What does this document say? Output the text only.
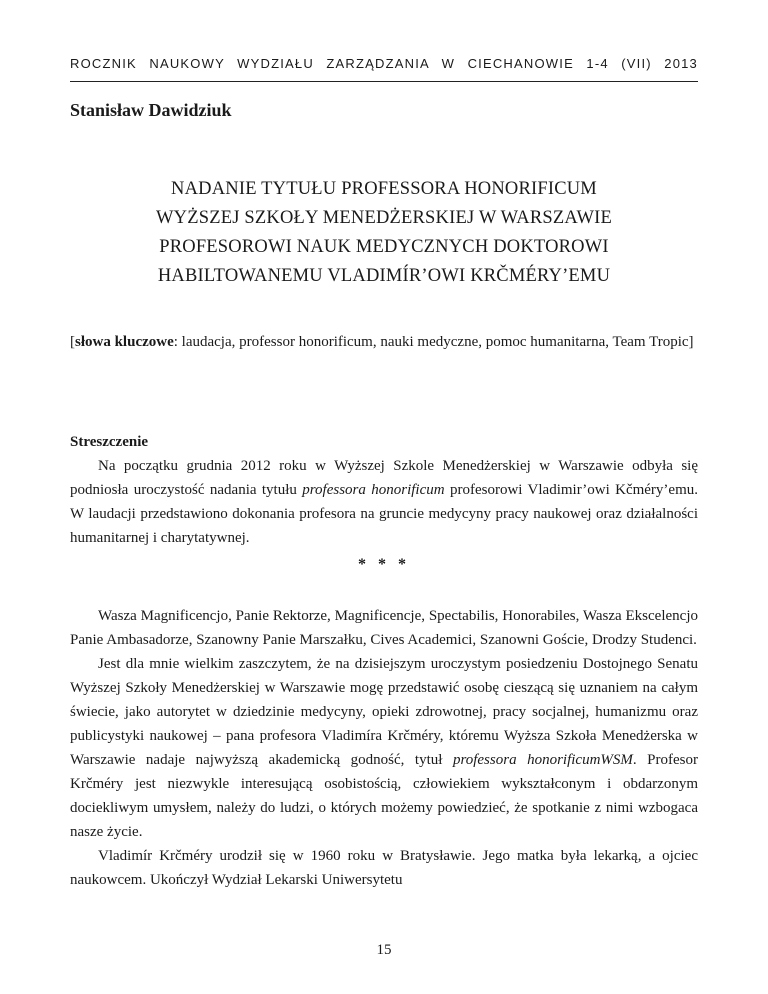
ROCZNIK NAUKOWY WYDZIAŁU ZARZĄDZANIA W CIECHANOWIE 1-4 (VII) 2013
Stanisław Dawidziuk
NADANIE TYTUŁU PROFESSORA HONORIFICUM
WYŻSZEJ SZKOŁY MENEDŻERSKIEJ W WARSZAWIE
PROFESOROWI NAUK MEDYCZNYCH DOKTOROWI
HABILTOWANEMU VLADIMÍR’OWI KRČMÉRY’EMU
[słowa kluczowe: laudacja, professor honorificum, nauki medyczne, pomoc humanitarna, Team Tropic]
Streszczenie

Na początku grudnia 2012 roku w Wyższej Szkole Menedżerskiej w Warszawie odbyła się podniosła uroczystość nadania tytułu professora honorificum profesorowi Vladimir’owi Kčméry’emu. W laudacji przedstawiono dokonania profesora na gruncie medycyny pracy naukowej oraz działalności humanitarnej i charytatywnej.

* * *

Wasza Magnificencjo, Panie Rektorze, Magnificencje, Spectabilis, Honorabiles, Wasza Ekscelencjo Panie Ambasadorze, Szanowny Panie Marszałku, Cives Academici, Szanowni Goście, Drodzy Studenci.

Jest dla mnie wielkim zaszczytem, że na dzisiejszym uroczystym posiedzeniu Dostojnego Senatu Wyższej Szkoły Menedżerskiej w Warszawie mogę przedstawić osobę cieszącą się uznaniem na całym świecie, jako autorytet w dziedzinie medycyny, opieki zdrowotnej, pracy socjalnej, humanizmu oraz publicystyki naukowej – pana profesora Vladimíra Krčméry, któremu Wyższa Szkoła Menedżerska w Warszawie nadaje najwyższą akademicką godność, tytuł professora honorificumWSM. Profesor Krčméry jest niezwykle interesującą osobistością, człowiekiem wykształconym i obdarzonym dociekliwym umysłem, należy do ludzi, o których możemy powiedzieć, że spotkanie z nimi wzbogaca nasze życie.

Vladimír Krčméry urodził się w 1960 roku w Bratysławie. Jego matka była lekarką, a ojciec naukowcem. Ukończył Wydział Lekarski Uniwersytetu

15
